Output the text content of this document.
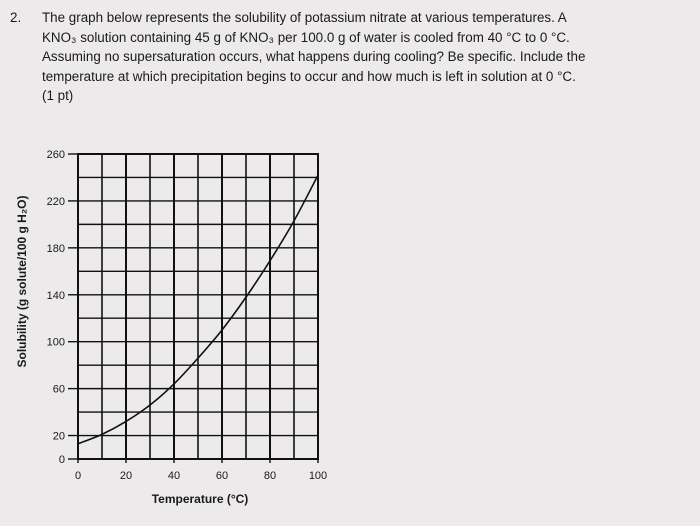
2.	The graph below represents the solubility of potassium nitrate at various temperatures. A
KNO₃ solution containing 45 g of KNO₃ per 100.0 g of water is cooled from 40 °C to 0 °C.
Assuming no supersaturation occurs, what happens during cooling? Be specific. Include the
temperature at which precipitation begins to occur and how much is left in solution at 0 °C.
(1 pt)
0
20
60
100
140
180
220
260
0	20	40	60	80	100
Temperature (°C)
Solubility (g solute/100 g H₂O)
